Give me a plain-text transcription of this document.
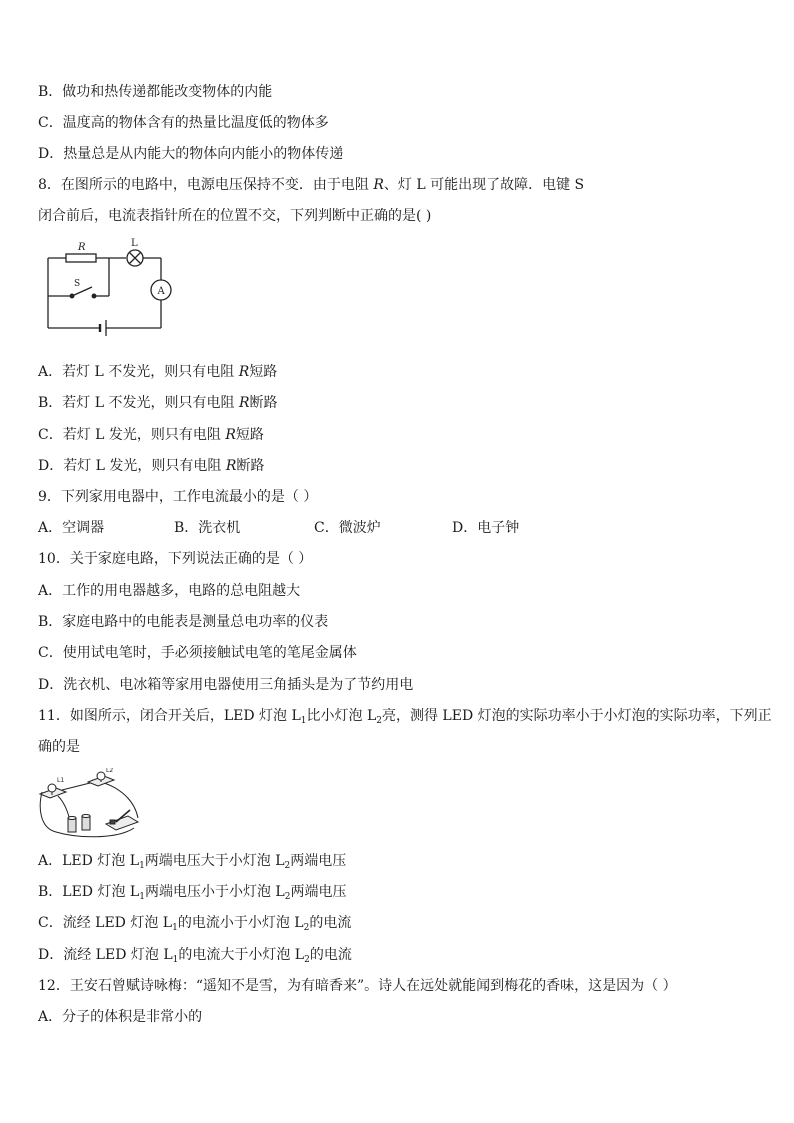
B．做功和热传递都能改变物体的内能
C．温度高的物体含有的热量比温度低的物体多
D．热量总是从内能大的物体向内能小的物体传递
8．在图所示的电路中，电源电压保持不变．由于电阻 R、灯 L 可能出现了故障．电键 S
闭合前后，电流表指针所在的位置不交，下列判断中正确的是( )
R	L
S
A
A．若灯 L 不发光，则只有电阻 R短路
B．若灯 L 不发光，则只有电阻 R断路
C．若灯 L 发光，则只有电阻 R短路
D．若灯 L 发光，则只有电阻 R断路
9．下列家用电器中，工作电流最小的是（ ）
A．空调器	B．洗衣机	C．微波炉	D．电子钟
10．关于家庭电路，下列说法正确的是（ ）
A．工作的用电器越多，电路的总电阻越大
B．家庭电路中的电能表是测量总电功率的仪表
C．使用试电笔时，手必须接触试电笔的笔尾金属体
D．洗衣机、电冰箱等家用电器使用三角插头是为了节约用电
11．如图所示，闭合开关后，LED 灯泡 $L_1$比小灯泡 $L_2$亮，测得 LED 灯泡的实际功率小于小灯泡的实际功率，下列正
确的是
L1
L2
A．LED 灯泡 $L_1$两端电压大于小灯泡 $L_2$两端电压
B．LED 灯泡 $L_1$两端电压小于小灯泡 $L_2$两端电压
C．流经 LED 灯泡 $L_1$的电流小于小灯泡 $L_2$的电流
D．流经 LED 灯泡 $L_1$的电流大于小灯泡 $L_2$的电流
12．王安石曾赋诗咏梅：“遥知不是雪，为有暗香来”。诗人在远处就能闻到梅花的香味，这是因为（ ）
A．分子的体积是非常小的
